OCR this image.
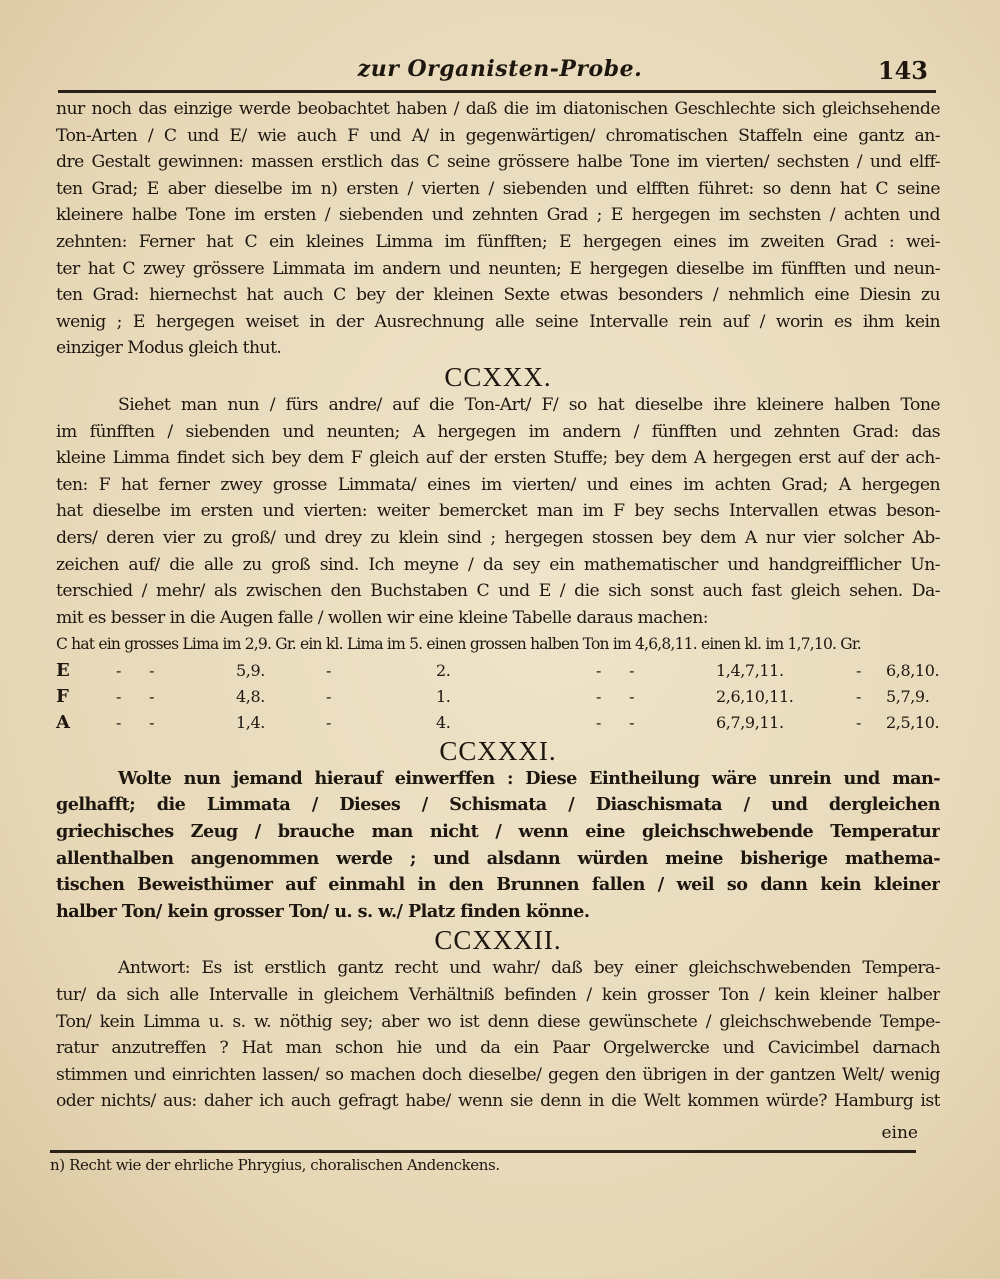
zur Organisten-Probe.	143
nur noch das einzige werde beobachtet haben / daß die im diatonischen Geschlechte sich gleichsehende
Ton-Arten / C und E/ wie auch F und A/ in gegenwärtigen/ chromatischen Staffeln eine gantz an-
dre Gestalt gewinnen: massen erstlich das C seine grössere halbe Tone im vierten/ sechsten / und elff-
ten Grad; E aber dieselbe im n) ersten / vierten / siebenden und elfften führet: so denn hat C seine
kleinere halbe Tone im ersten / siebenden und zehnten Grad ; E hergegen im sechsten / achten und
zehnten: Ferner hat C ein kleines Limma im fünfften; E hergegen eines im zweiten Grad : wei-
ter hat C zwey grössere Limmata im andern und neunten; E hergegen dieselbe im fünfften und neun-
ten Grad: hiernechst hat auch C bey der kleinen Sexte etwas besonders / nehmlich eine Diesin zu
wenig ; E hergegen weiset in der Ausrechnung alle seine Intervalle rein auf / worin es ihm kein
einziger Modus gleich thut.
CCXXX.
Siehet man nun / fürs andre/ auf die Ton-Art/ F/ so hat dieselbe ihre kleinere halben Tone
im fünfften / siebenden und neunten; A hergegen im andern / fünfften und zehnten Grad: das
kleine Limma findet sich bey dem F gleich auf der ersten Stuffe; bey dem A hergegen erst auf der ach-
ten: F hat ferner zwey grosse Limmata/ eines im vierten/ und eines im achten Grad; A hergegen
hat dieselbe im ersten und vierten: weiter bemercket man im F bey sechs Intervallen etwas beson-
ders/ deren vier zu groß/ und drey zu klein sind ; hergegen stossen bey dem A nur vier solcher Ab-
zeichen auf/ die alle zu groß sind. Ich meyne / da sey ein mathematischer und handgreifflicher Un-
terschied / mehr/ als zwischen den Buchstaben C und E / die sich sonst auch fast gleich sehen. Da-
mit es besser in die Augen falle / wollen wir eine kleine Tabelle daraus machen:
C hat ein grosses Lima im 2,9. Gr. ein kl. Lima im 5. einen grossen halben Ton im 4,6,8,11. einen kl. im 1,7,10. Gr.
E	- -	5,9.	-	2.	- -	1,4,7,11.	-	6,8,10.
F	- -	4,8.	-	1.	- -	2,6,10,11.	-	5,7,9.
A	- -	1,4.	-	4.	- -	6,7,9,11.	-	2,5,10.
CCXXXI.
Wolte nun jemand hierauf einwerffen : Diese Eintheilung wäre unrein und man-
gelhafft; die Limmata / Dieses / Schismata / Diaschismata / und dergleichen
griechisches Zeug / brauche man nicht / wenn eine gleichschwebende Temperatur
allenthalben angenommen werde ; und alsdann würden meine bisherige mathema-
tischen Beweisthümer auf einmahl in den Brunnen fallen / weil so dann kein kleiner
halber Ton/ kein grosser Ton/ u. s. w./ Platz finden könne.
CCXXXII.
Antwort: Es ist erstlich gantz recht und wahr/ daß bey einer gleichschwebenden Tempera-
tur/ da sich alle Intervalle in gleichem Verhältniß befinden / kein grosser Ton / kein kleiner halber
Ton/ kein Limma u. s. w. nöthig sey; aber wo ist denn diese gewünschete / gleichschwebende Tempe-
ratur anzutreffen ? Hat man schon hie und da ein Paar Orgelwercke und Cavicimbel darnach
stimmen und einrichten lassen/ so machen doch dieselbe/ gegen den übrigen in der gantzen Welt/ wenig
oder nichts/ aus: daher ich auch gefragt habe/ wenn sie denn in die Welt kommen würde? Hamburg ist
eine
n) Recht wie der ehrliche Phrygius, choralischen Andenckens.
